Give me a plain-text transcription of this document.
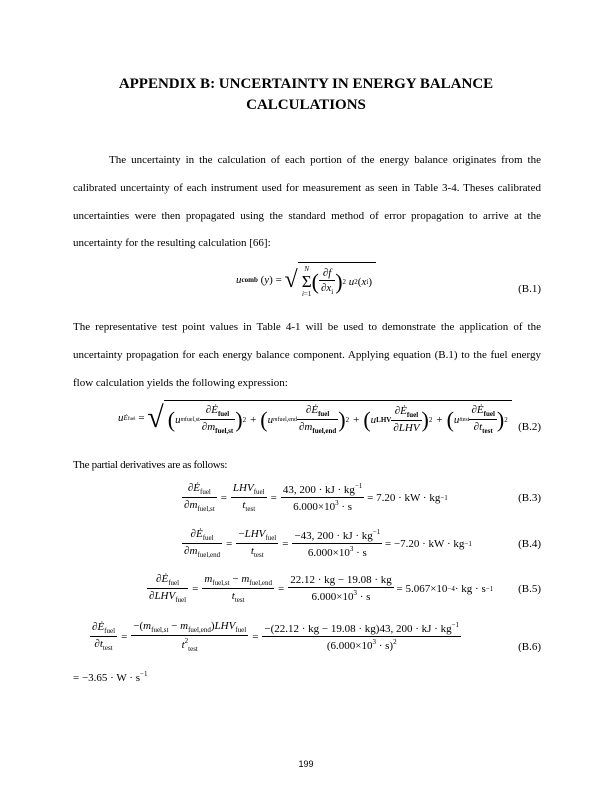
APPENDIX B: UNCERTAINTY IN ENERGY BALANCE
CALCULATIONS
The uncertainty in the calculation of each portion of the energy balance originates from the calibrated uncertainty of each instrument used for measurement as seen in Table 3-4. Theses calibrated uncertainties were then propagated using the standard method of error propagation to arrive at the uncertainty for the resulting calculation [66]:
u comb ( y ) = √ N
Σ
i=1
( $\frac{\partial f}{\partial x_i}$ ) 2
u 2 ( x i )
(B.1)
The representative test point values in Table 4-1 will be used to demonstrate the application of the uncertainty propagation for each energy balance component. Applying equation (B.1) to the fuel energy flow calculation yields the following expression:
u Ėfuel = √ ( u mfuel,st $\frac{\partial Ė_{fuel}}{\partial m_{fuel,st}}$ ) 2 + ( u mfuel,end $\frac{\partial Ė_{fuel}}{\partial m_{fuel,end}}$ ) 2 + ( u LHV $\frac{\partial Ė_{fuel}}{\text{∂LHV}}$ ) 2 + ( u ttest $\frac{\partial Ė_{fuel}}{\partial t_{test}}$ ) 2
(B.2)
The partial derivatives are as follows:
$\frac{\partial Ė_{fuel}}{\partial m_{fuel,st}} = \frac{LHV_{fuel}}{t_{test}} = \frac{43, 200 \cdot kJ \cdot kg^{-1}}{6.000\times 10^3 \cdot s}$
= 7.20 · kW · kg −1	(B.3)
$\frac{\partial Ė_{fuel}}{\partial m_{fuel,end}} = \frac{-LHV_{fuel}}{t_{test}} = \frac{-43, 200 \cdot kJ \cdot kg^{-1}}{6.000\times 10^3 \cdot s}$
= −7.20 · kW · kg −1	(B.4)
$\frac{\partial Ė_{fuel}}{\partial LHV_{fuel}} = \frac{m_{fuel,st} - m_{fuel,end}}{t_{test}} = \frac{22.12 \cdot kg - 19.08 \cdot kg}{6.000\times 10^3 \cdot s}$
= 5.067×10 −4 · kg · s −1 (B.5)
$\frac{\partial Ė_{fuel}}{\partial t_{test}} = \frac{-(m_{fuel,st} - m_{fuel,end})LHV_{fuel}}{t^2_{test}} = \frac{-(22.12 \cdot kg - 19.08 \cdot kg)43, 200 \cdot kJ \cdot kg^{-1}}{(6.000\times 10^3 \cdot s)^2}$	(B.6)
= $-3.65 \cdot W \cdot s^{-1}$
199
